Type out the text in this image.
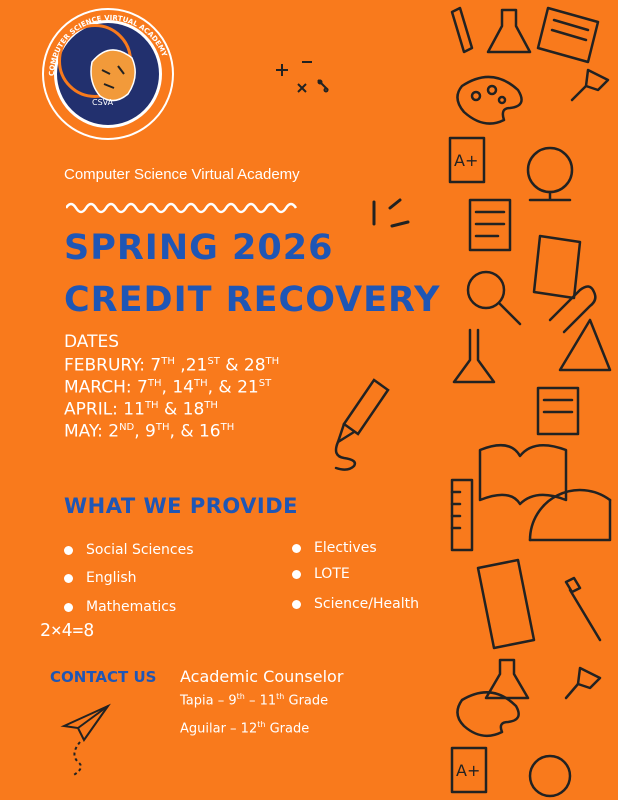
COMPUTER SCIENCE VIRTUAL ACADEMY
CSVA
Computer Science Virtual Academy
SPRING 2026
CREDIT RECOVERY
DATES
FEBRURY: 7TH ,21ST & 28TH
MARCH: 7TH, 14TH, & 21ST
APRIL: 11TH & 18TH
MAY: 2ND, 9TH, & 16TH
WHAT WE PROVIDE
Social Sciences
English
Mathematics
Electives
LOTE
Science/Health
2×4=8
CONTACT US Academic Counselor
Tapia – 9th – 11th Grade
Aguilar – 12th Grade
A+
A+
